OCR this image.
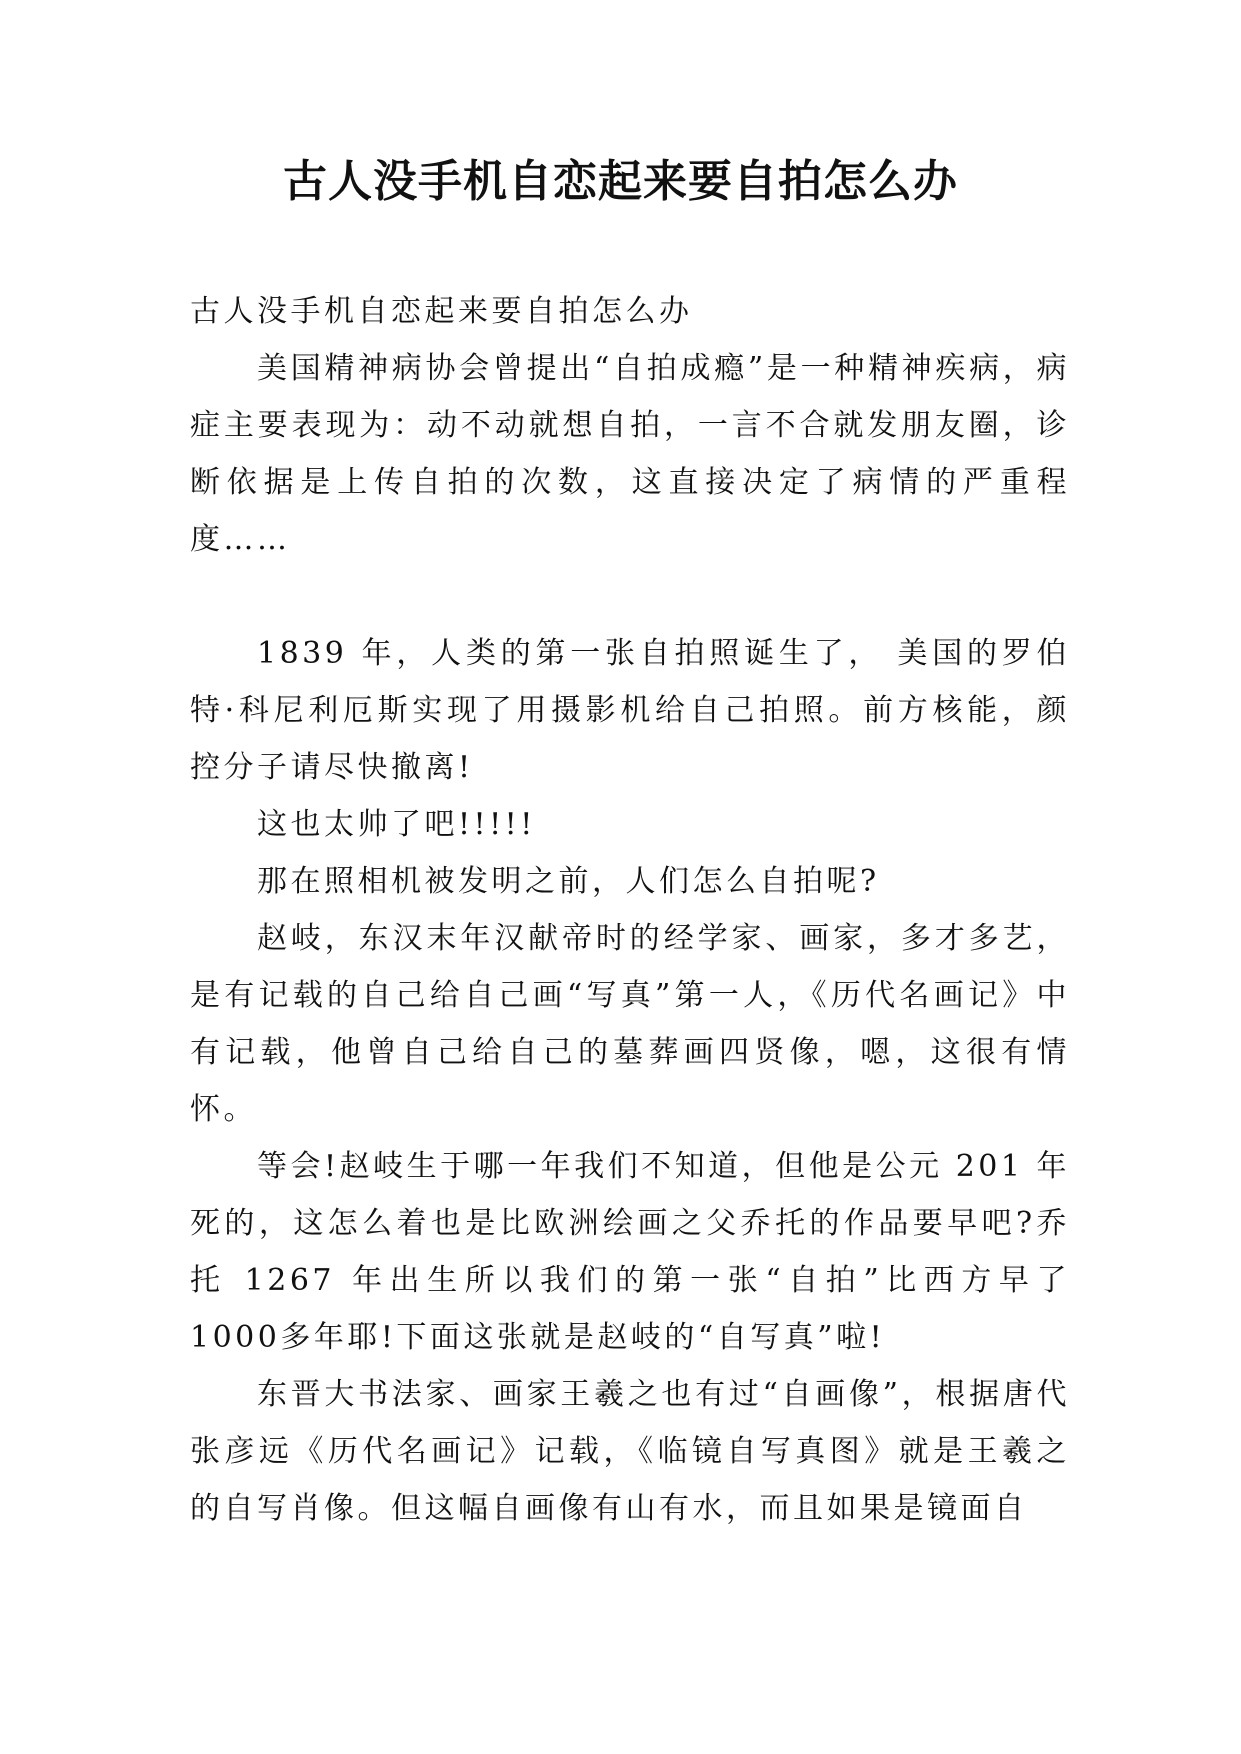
古人没手机自恋起来要自拍怎么办

古人没手机自恋起来要自拍怎么办

美国精神病协会曾提出“自拍成瘾”是一种精神疾病，病症主要表现为：动不动就想自拍，一言不合就发朋友圈，诊断依据是上传自拍的次数，这直接决定了病情的严重程度……

1839 年，人类的第一张自拍照诞生了， 美国的罗伯特·科尼利厄斯实现了用摄影机给自己拍照。前方核能，颜控分子请尽快撤离!

这也太帅了吧!!!!!

那在照相机被发明之前，人们怎么自拍呢?

赵岐，东汉末年汉献帝时的经学家、画家，多才多艺，是有记载的自己给自己画“写真”第一人，《历代名画记》中有记载，他曾自己给自己的墓葬画四贤像，嗯，这很有情怀。

等会!赵岐生于哪一年我们不知道，但他是公元 201 年死的，这怎么着也是比欧洲绘画之父乔托的作品要早吧?乔托 1267 年出生所以我们的第一张“自拍”比西方早了 1000多年耶!下面这张就是赵岐的“自写真”啦!

东晋大书法家、画家王羲之也有过“自画像”，根据唐代张彦远《历代名画记》记载，《临镜自写真图》就是王羲之的自写肖像。但这幅自画像有山有水，而且如果是镜面自
